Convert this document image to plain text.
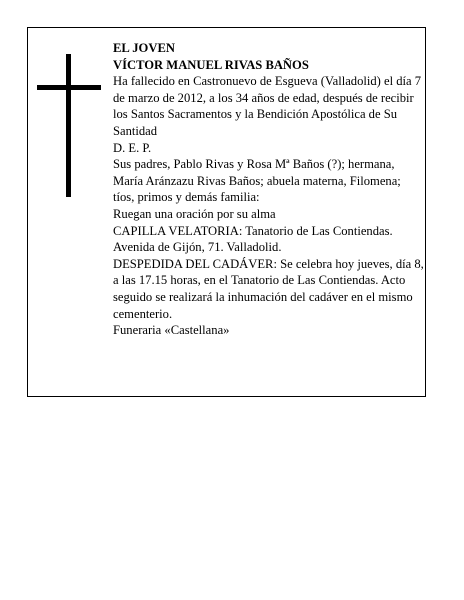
EL JOVEN

VÍCTOR MANUEL RIVAS BAÑOS

Ha fallecido en Castronuevo de Esgueva (Valladolid) el día 7 de marzo de 2012, a los 34 años de edad, después de recibir los Santos Sacramentos y la Bendición Apostólica de Su Santidad

D. E. P.

Sus padres, Pablo Rivas y Rosa Mª Baños (?); hermana, María Aránzazu Rivas Baños; abuela materna, Filomena; tíos, primos y demás familia:

Ruegan una oración por su alma

CAPILLA VELATORIA: Tanatorio de Las Contiendas. Avenida de Gijón, 71. Valladolid.

DESPEDIDA DEL CADÁVER: Se celebra hoy jueves, día 8, a las 17.15 horas, en el Tanatorio de Las Contiendas. Acto seguido se realizará la inhumación del cadáver en el mismo cementerio.

Funeraria «Castellana»
